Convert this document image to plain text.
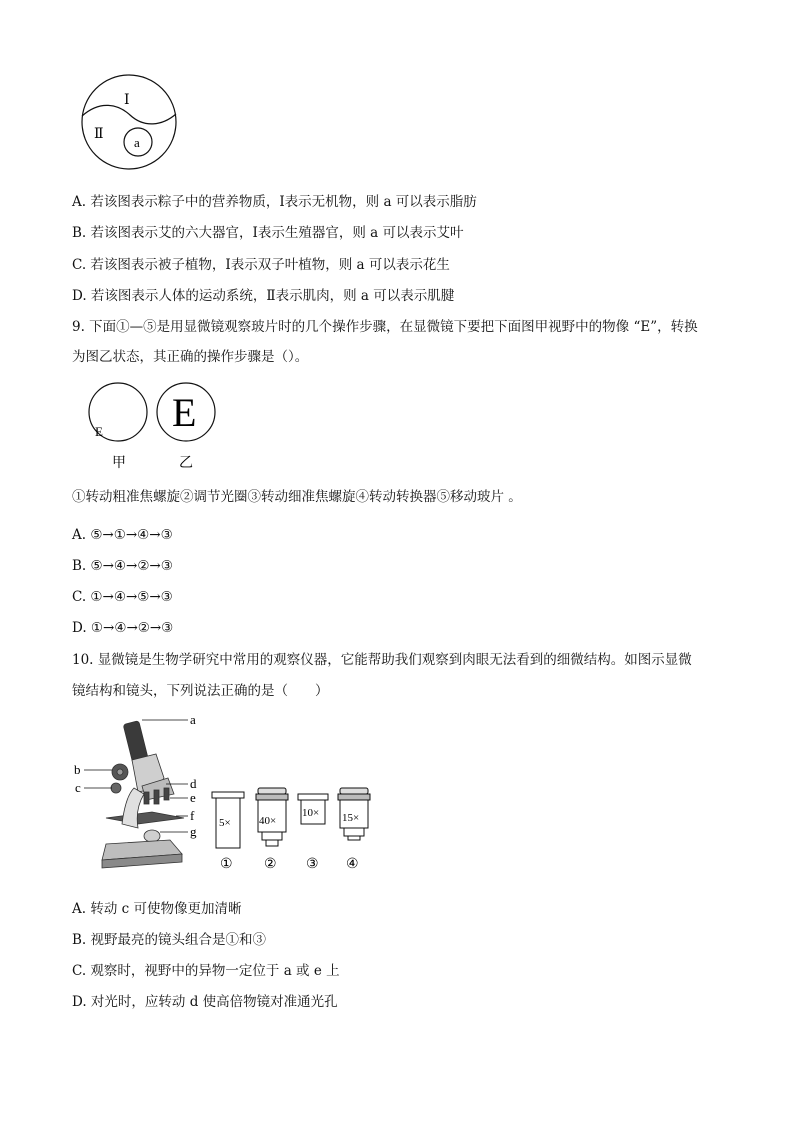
Ⅰ
Ⅱ
a
A. 若该图表示粽子中的营养物质，Ⅰ表示无机物，则 a 可以表示脂肪
B. 若该图表示艾的六大器官，Ⅰ表示生殖器官，则 a 可以表示艾叶
C. 若该图表示被子植物，Ⅰ表示双子叶植物，则 a 可以表示花生
D. 若该图表示人体的运动系统，Ⅱ表示肌肉，则 a 可以表示肌腱
9. 下面①—⑤是用显微镜观察玻片时的几个操作步骤，在显微镜下要把下面图甲视野中的物像 “E”，转换
为图乙状态，其正确的操作步骤是（）。
E E
甲	乙
①转动粗准焦螺旋②调节光圈③转动细准焦螺旋④转动转换器⑤移动玻片 。
A. ⑤→①→④→③
B. ⑤→④→②→③
C. ①→④→⑤→③
D. ①→④→②→③
10. 显微镜是生物学研究中常用的观察仪器，它能帮助我们观察到肉眼无法看到的细微结构。如图示显微
镜结构和镜头，下列说法正确的是（　　）
a
b
c	d
e
f
g
5×
①
40×
②
10×
③
15×
④
A. 转动 c 可使物像更加清晰
B. 视野最亮的镜头组合是①和③
C. 观察时，视野中的异物一定位于 a 或 e 上
D. 对光时，应转动 d 使高倍物镜对准通光孔
